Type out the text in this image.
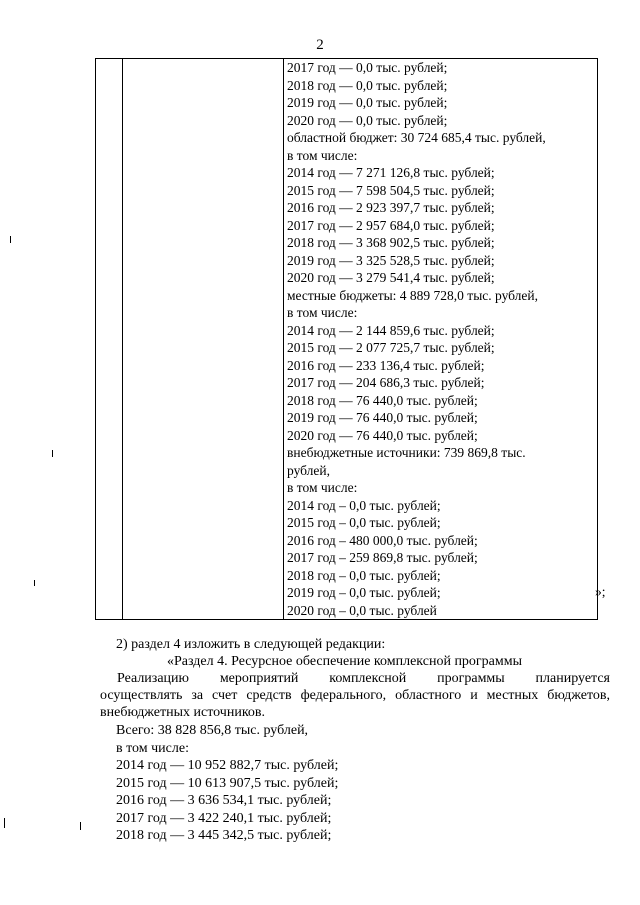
2

2017 год — 0,0 тыс. рублей;
2018 год — 0,0 тыс. рублей;
2019 год — 0,0 тыс. рублей;
2020 год — 0,0 тыс. рублей;
областной бюджет: 30 724 685,4 тыс. рублей,
в том числе:
2014 год — 7 271 126,8 тыс. рублей;
2015 год — 7 598 504,5 тыс. рублей;
2016 год — 2 923 397,7 тыс. рублей;
2017 год — 2 957 684,0 тыс. рублей;
2018 год — 3 368 902,5 тыс. рублей;
2019 год — 3 325 528,5 тыс. рублей;
2020 год — 3 279 541,4 тыс. рублей;
местные бюджеты: 4 889 728,0 тыс. рублей,
в том числе:
2014 год — 2 144 859,6 тыс. рублей;
2015 год — 2 077 725,7 тыс. рублей;
2016 год — 233 136,4 тыс. рублей;
2017 год — 204 686,3 тыс. рублей;
2018 год — 76 440,0 тыс. рублей;
2019 год — 76 440,0 тыс. рублей;
2020 год — 76 440,0 тыс. рублей;
внебюджетные источники: 739 869,8 тыс.
рублей,
в том числе:
2014 год – 0,0 тыс. рублей;
2015 год – 0,0 тыс. рублей;
2016 год – 480 000,0 тыс. рублей;
2017 год – 259 869,8 тыс. рублей;
2018 год – 0,0 тыс. рублей;
2019 год – 0,0 тыс. рублей;
2020 год – 0,0 тыс. рублей
»;
2) раздел 4 изложить в следующей редакции:
«Раздел 4. Ресурсное обеспечение комплексной программы
Реализацию мероприятий комплексной программы планируется
осуществлять за счет средств федерального, областного и местных бюджетов, внебюджетных источников.
Всего: 38 828 856,8 тыс. рублей,
в том числе:
2014 год — 10 952 882,7 тыс. рублей;
2015 год — 10 613 907,5 тыс. рублей;
2016 год — 3 636 534,1 тыс. рублей;
2017 год — 3 422 240,1 тыс. рублей;
2018 год — 3 445 342,5 тыс. рублей;
